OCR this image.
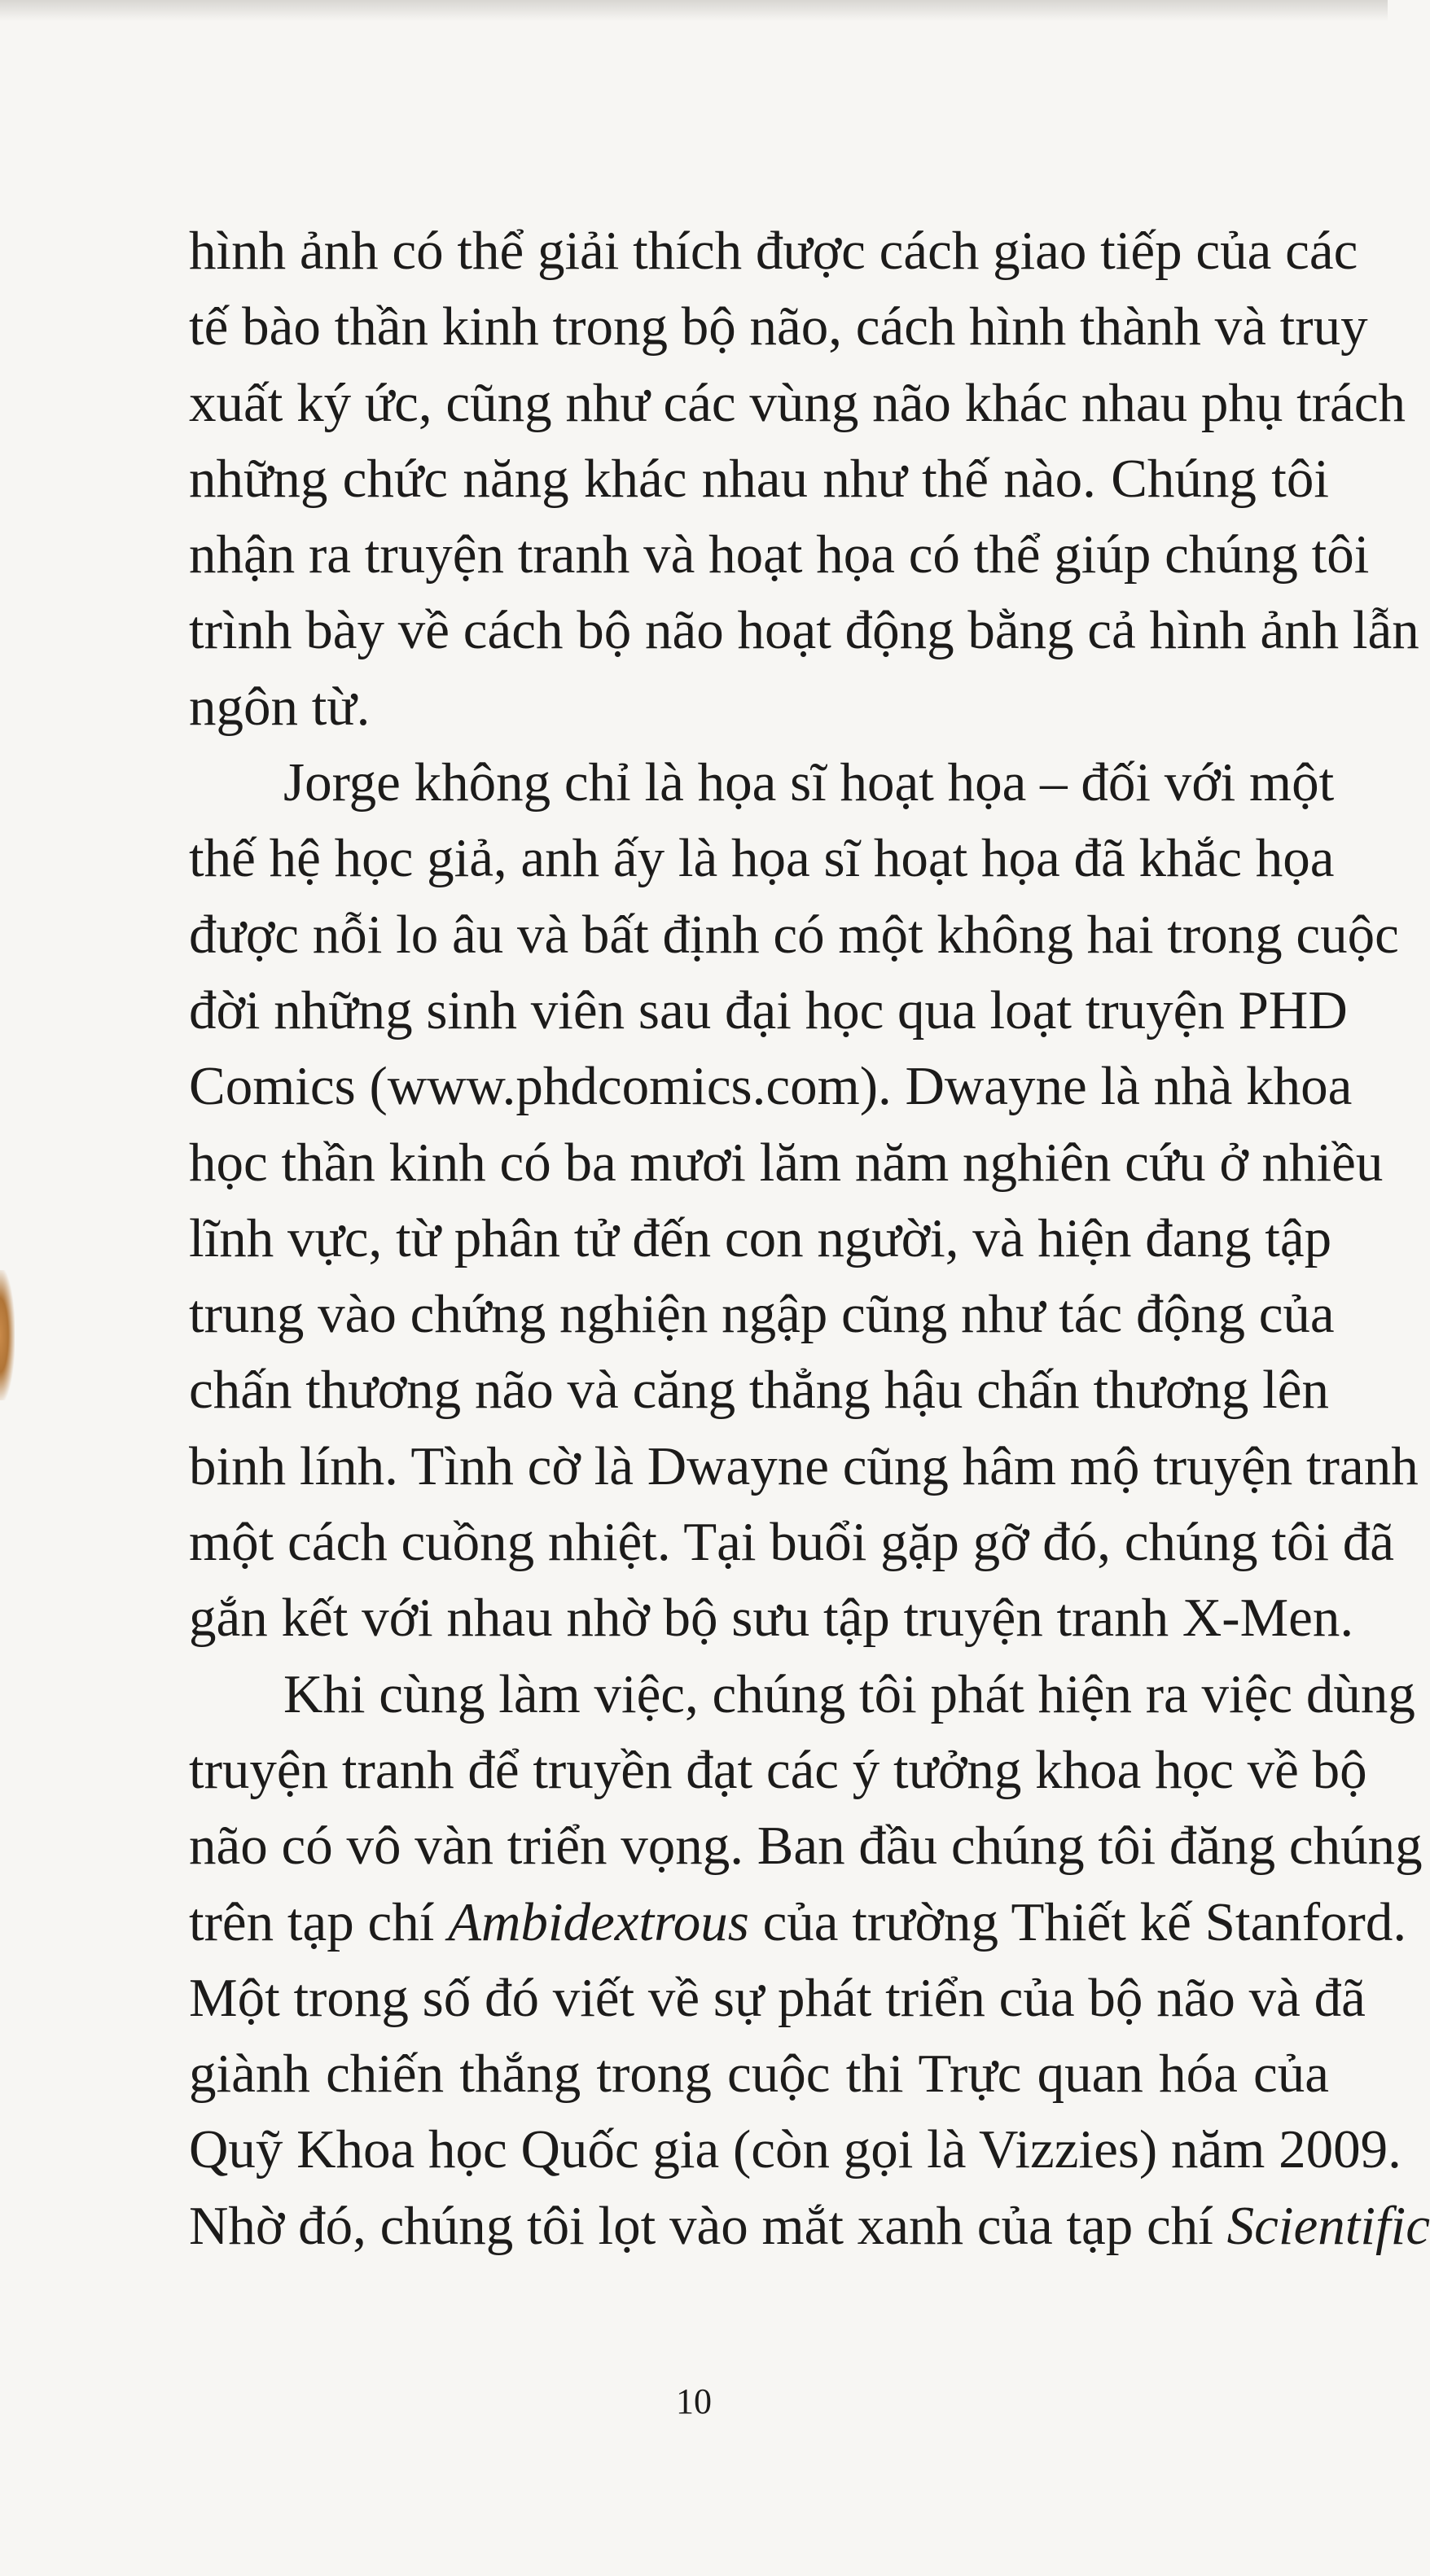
hình ảnh có thể giải thích được cách giao tiếp của các
tế bào thần kinh trong bộ não, cách hình thành và truy
xuất ký ức, cũng như các vùng não khác nhau phụ trách
những chức năng khác nhau như thế nào. Chúng tôi
nhận ra truyện tranh và hoạt họa có thể giúp chúng tôi
trình bày về cách bộ não hoạt động bằng cả hình ảnh lẫn
ngôn từ.
Jorge không chỉ là họa sĩ hoạt họa – đối với một
thế hệ học giả, anh ấy là họa sĩ hoạt họa đã khắc họa
được nỗi lo âu và bất định có một không hai trong cuộc
đời những sinh viên sau đại học qua loạt truyện PHD
Comics (www.phdcomics.com). Dwayne là nhà khoa
học thần kinh có ba mươi lăm năm nghiên cứu ở nhiều
lĩnh vực, từ phân tử đến con người, và hiện đang tập
trung vào chứng nghiện ngập cũng như tác động của
chấn thương não và căng thẳng hậu chấn thương lên
binh lính. Tình cờ là Dwayne cũng hâm mộ truyện tranh
một cách cuồng nhiệt. Tại buổi gặp gỡ đó, chúng tôi đã
gắn kết với nhau nhờ bộ sưu tập truyện tranh X-Men.
Khi cùng làm việc, chúng tôi phát hiện ra việc dùng
truyện tranh để truyền đạt các ý tưởng khoa học về bộ
não có vô vàn triển vọng. Ban đầu chúng tôi đăng chúng
trên tạp chí Ambidextrous của trường Thiết kế Stanford.
Một trong số đó viết về sự phát triển của bộ não và đã
giành chiến thắng trong cuộc thi Trực quan hóa của
Quỹ Khoa học Quốc gia (còn gọi là Vizzies) năm 2009.
Nhờ đó, chúng tôi lọt vào mắt xanh của tạp chí Scientific
10
